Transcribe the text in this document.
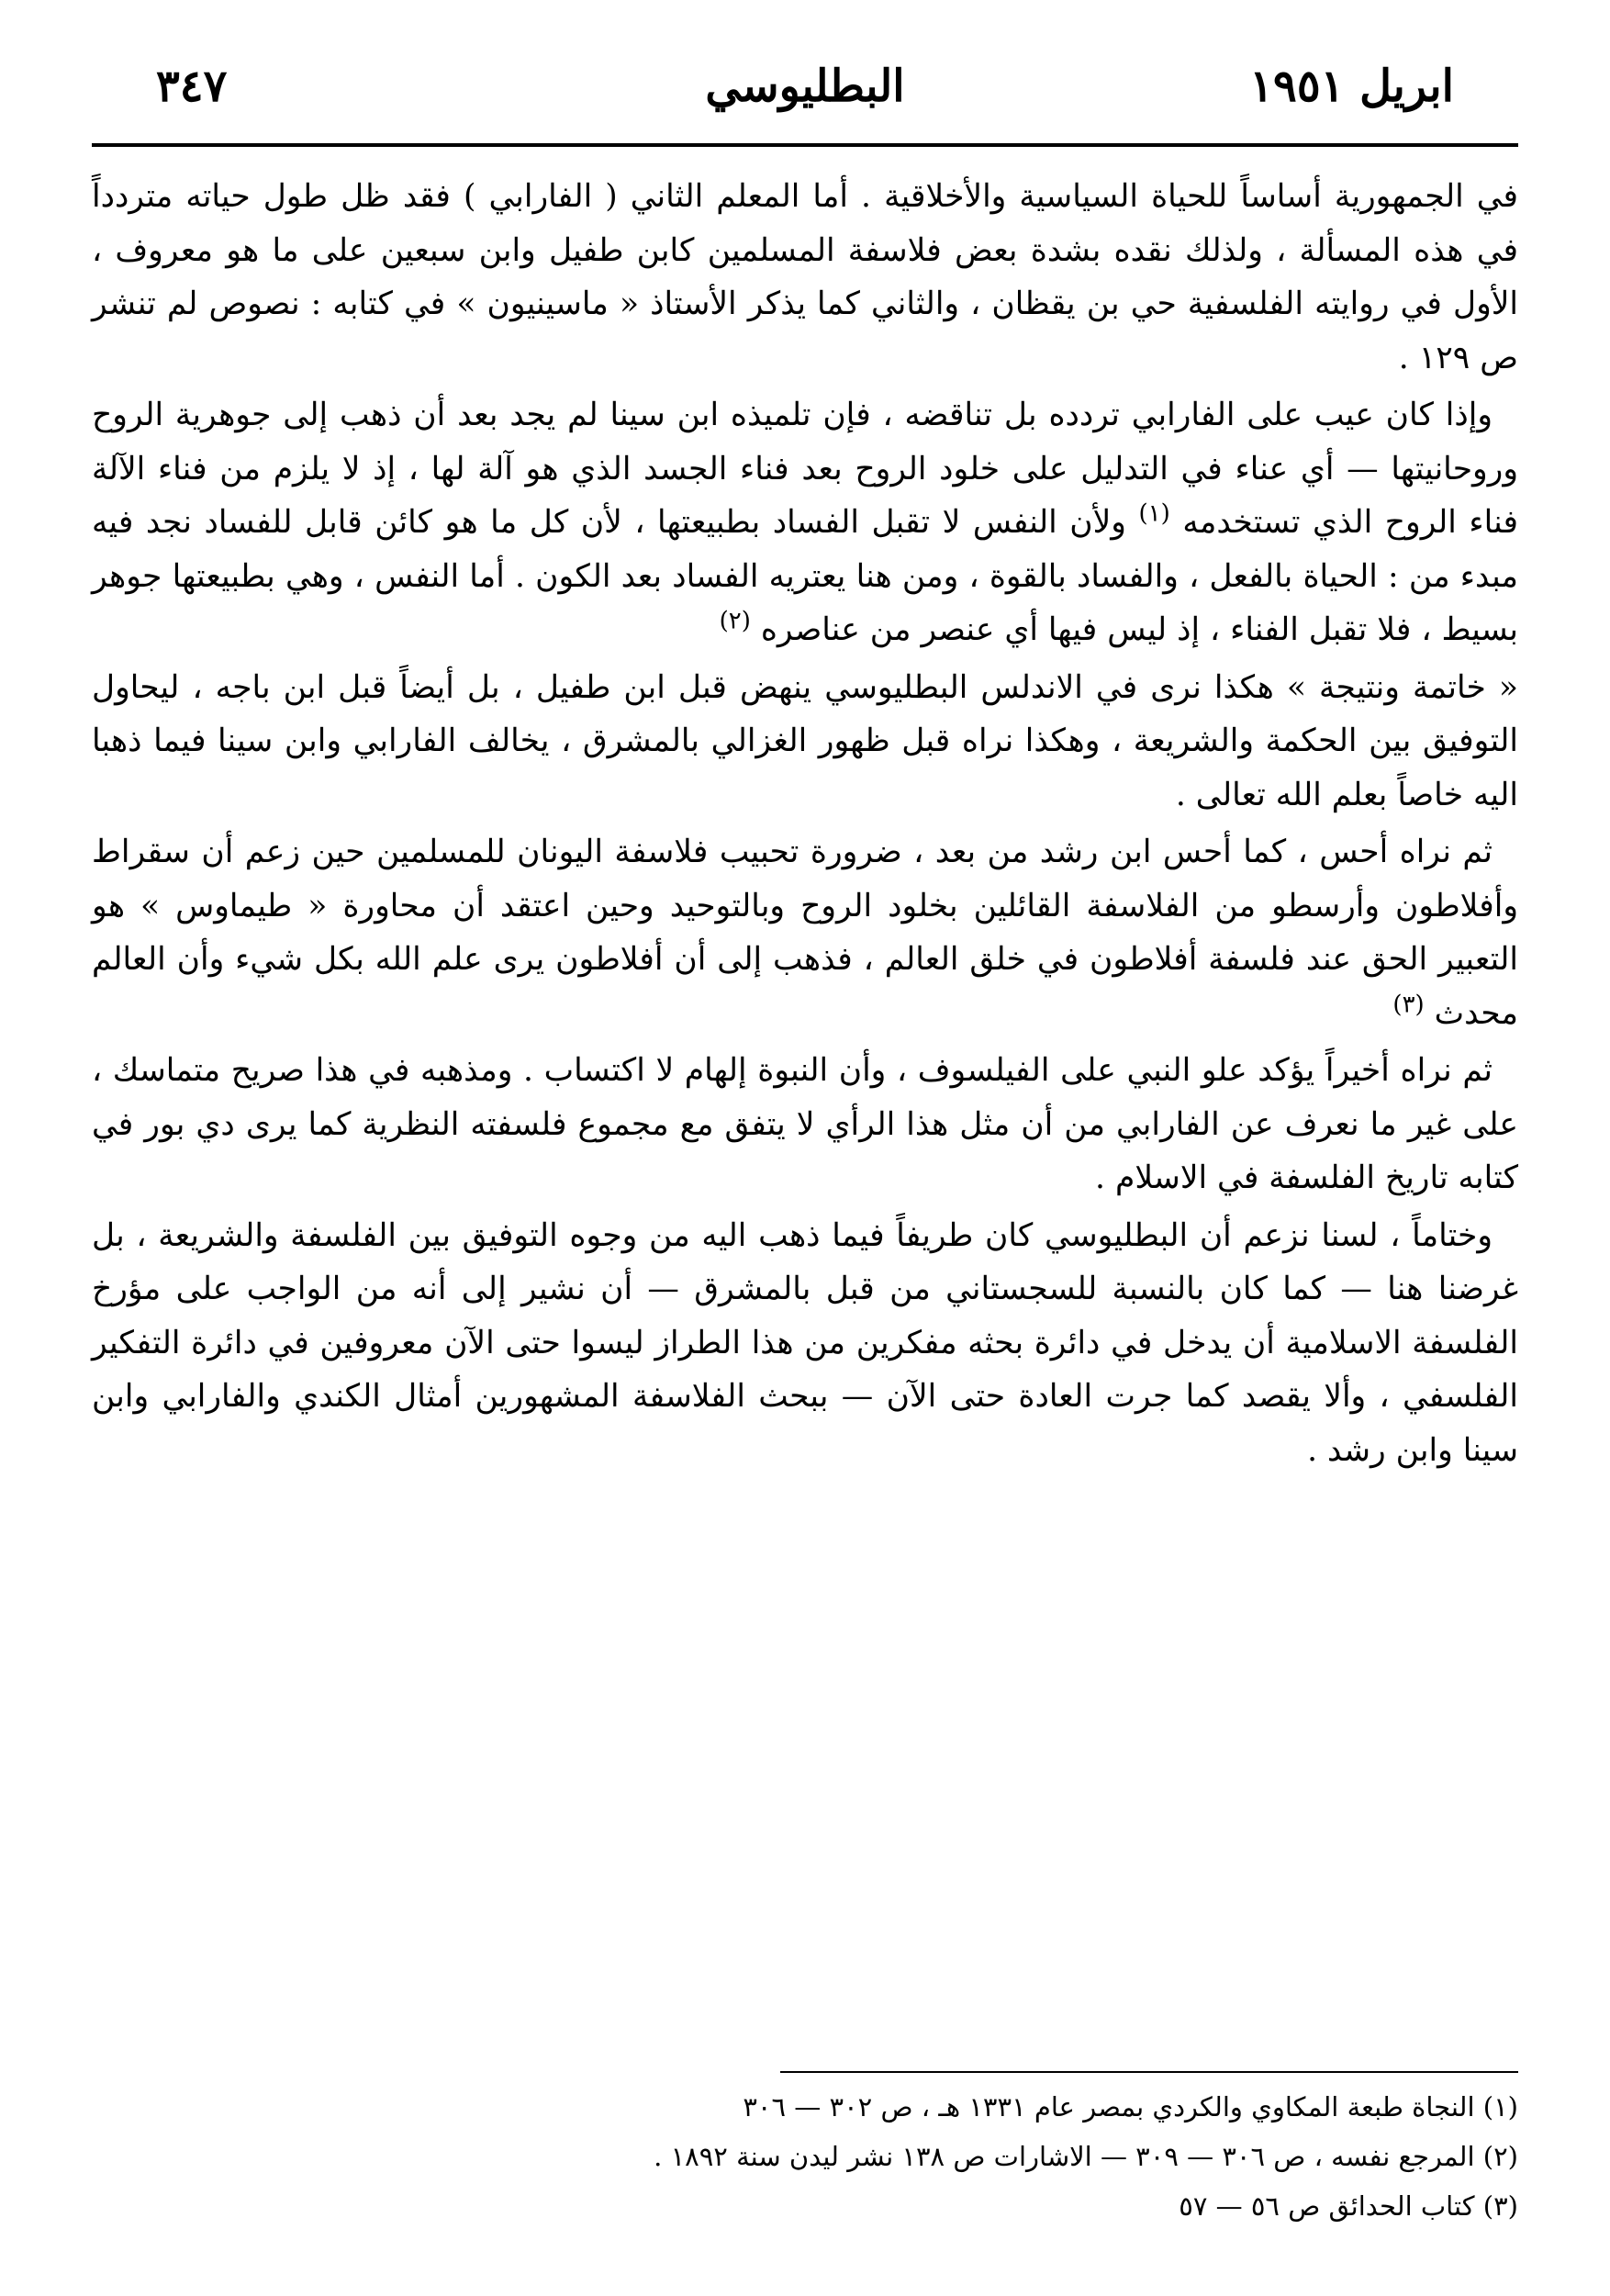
٣٤٧	البطليوسي	ابريل ١٩٥١

في الجمهورية أساساً للحياة السياسية والأخلاقية . أما المعلم الثاني ( الفارابي ) فقد ظل طول حياته متردداً في هذه المسألة ، ولذلك نقده بشدة بعض فلاسفة المسلمين كابن طفيل وابن سبعين على ما هو معروف ، الأول في روايته الفلسفية حي بن يقظان ، والثاني كما يذكر الأستاذ « ماسينيون » في كتابه : نصوص لم تنشر ص ١٢٩ .

وإذا كان عيب على الفارابي تردده بل تناقضه ، فإن تلميذه ابن سينا لم يجد بعد أن ذهب إلى جوهرية الروح وروحانيتها — أي عناء في التدليل على خلود الروح بعد فناء الجسد الذي هو آلة لها ، إذ لا يلزم من فناء الآلة فناء الروح الذي تستخدمه $^{(١)}$ ولأن النفس لا تقبل الفساد بطبيعتها ، لأن كل ما هو كائن قابل للفساد نجد فيه مبدء من : الحياة بالفعل ، والفساد بالقوة ، ومن هنا يعتريه الفساد بعد الكون . أما النفس ، وهي بطبيعتها جوهر بسيط ، فلا تقبل الفناء ، إذ ليس فيها أي عنصر من عناصره $^{(٢)}$

« خاتمة ونتيجة » هكذا نرى في الاندلس البطليوسي ينهض قبل ابن طفيل ، بل أيضاً قبل ابن باجه ، ليحاول التوفيق بين الحكمة والشريعة ، وهكذا نراه قبل ظهور الغزالي بالمشرق ، يخالف الفارابي وابن سينا فيما ذهبا اليه خاصاً بعلم الله تعالى .

ثم نراه أحس ، كما أحس ابن رشد من بعد ، ضرورة تحبيب فلاسفة اليونان للمسلمين حين زعم أن سقراط وأفلاطون وأرسطو من الفلاسفة القائلين بخلود الروح وبالتوحيد وحين اعتقد أن محاورة « طيماوس » هو التعبير الحق عند فلسفة أفلاطون في خلق العالم ، فذهب إلى أن أفلاطون يرى علم الله بكل شيء وأن العالم محدث $^{(٣)}$

ثم نراه أخيراً يؤكد علو النبي على الفيلسوف ، وأن النبوة إلهام لا اكتساب . ومذهبه في هذا صريح متماسك ، على غير ما نعرف عن الفارابي من أن مثل هذا الرأي لا يتفق مع مجموع فلسفته النظرية كما يرى دي بور في كتابه تاريخ الفلسفة في الاسلام .

وختاماً ، لسنا نزعم أن البطليوسي كان طريفاً فيما ذهب اليه من وجوه التوفيق بين الفلسفة والشريعة ، بل غرضنا هنا — كما كان بالنسبة للسجستاني من قبل بالمشرق — أن نشير إلى أنه من الواجب على مؤرخ الفلسفة الاسلامية أن يدخل في دائرة بحثه مفكرين من هذا الطراز ليسوا حتى الآن معروفين في دائرة التفكير الفلسفي ، وألا يقصد كما جرت العادة حتى الآن — ببحث الفلاسفة المشهورين أمثال الكندي والفارابي وابن سينا وابن رشد .

(١) النجاة طبعة المكاوي والكردي بمصر عام ١٣٣١ هـ ، ص ٣٠٢ — ٣٠٦
(٢) المرجع نفسه ، ص ٣٠٦ — ٣٠٩ — الاشارات ص ١٣٨ نشر ليدن سنة ١٨٩٢ .
(٣) كتاب الحدائق ص ٥٦ — ٥٧
